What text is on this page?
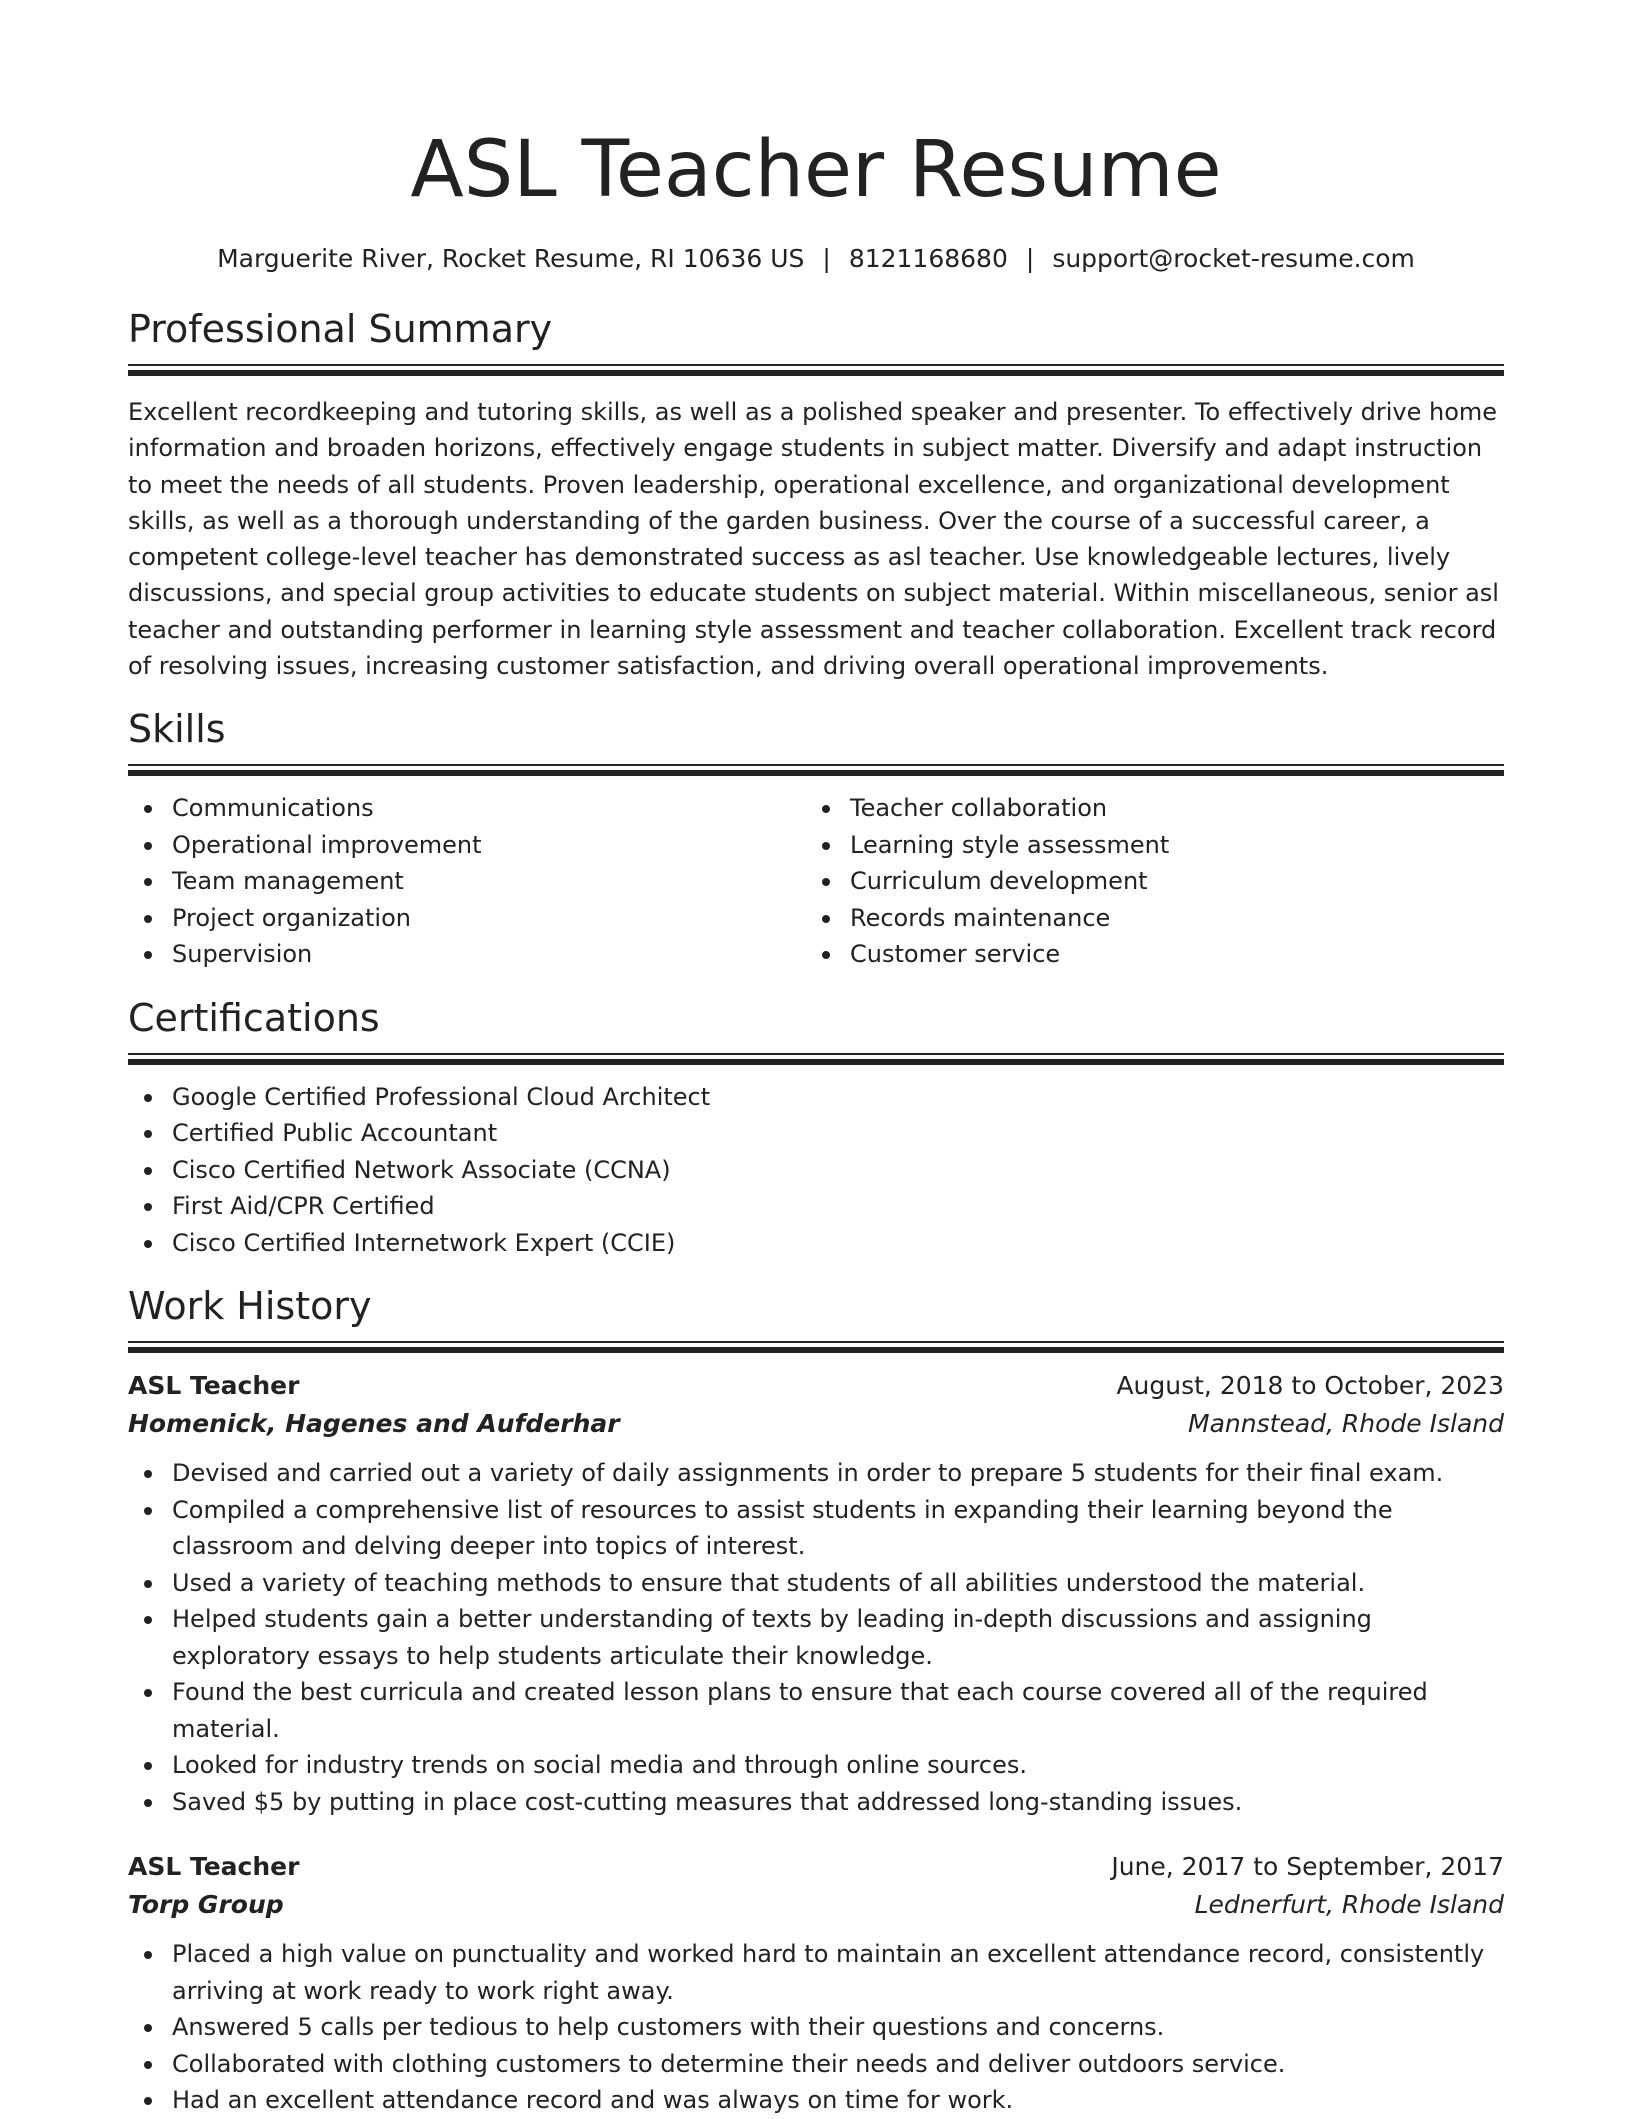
ASL Teacher Resume
Marguerite River, Rocket Resume, RI 10636 US | 8121168680 | support@rocket-resume.com
Professional Summary
Excellent recordkeeping and tutoring skills, as well as a polished speaker and presenter. To effectively drive home information and broaden horizons, effectively engage students in subject matter. Diversify and adapt instruction to meet the needs of all students. Proven leadership, operational excellence, and organizational development skills, as well as a thorough understanding of the garden business. Over the course of a successful career, a competent college-level teacher has demonstrated success as asl teacher. Use knowledgeable lectures, lively discussions, and special group activities to educate students on subject material. Within miscellaneous, senior asl teacher and outstanding performer in learning style assessment and teacher collaboration. Excellent track record of resolving issues, increasing customer satisfaction, and driving overall operational improvements.
Skills
Communications
Operational improvement
Team management
Project organization
Supervision
Teacher collaboration
Learning style assessment
Curriculum development
Records maintenance
Customer service
Certifications
Google Certified Professional Cloud Architect
Certified Public Accountant
Cisco Certified Network Associate (CCNA)
First Aid/CPR Certified
Cisco Certified Internetwork Expert (CCIE)
Work History
ASL Teacher	August, 2018 to October, 2023
Homenick, Hagenes and Aufderhar	Mannstead, Rhode Island
Devised and carried out a variety of daily assignments in order to prepare 5 students for their final exam.
Compiled a comprehensive list of resources to assist students in expanding their learning beyond the classroom and delving deeper into topics of interest.
Used a variety of teaching methods to ensure that students of all abilities understood the material.
Helped students gain a better understanding of texts by leading in-depth discussions and assigning exploratory essays to help students articulate their knowledge.
Found the best curricula and created lesson plans to ensure that each course covered all of the required material.
Looked for industry trends on social media and through online sources.
Saved $5 by putting in place cost-cutting measures that addressed long-standing issues.
ASL Teacher	June, 2017 to September, 2017
Torp Group	Lednerfurt, Rhode Island
Placed a high value on punctuality and worked hard to maintain an excellent attendance record, consistently arriving at work ready to work right away.
Answered 5 calls per tedious to help customers with their questions and concerns.
Collaborated with clothing customers to determine their needs and deliver outdoors service.
Had an excellent attendance record and was always on time for work.
